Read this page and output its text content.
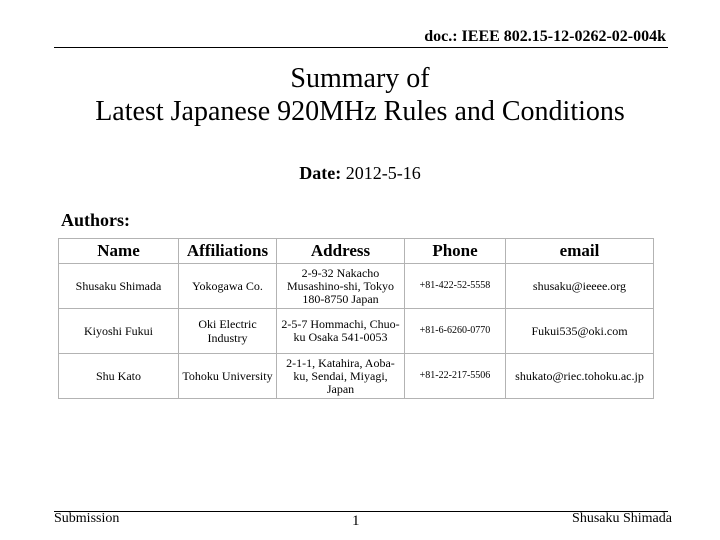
doc.: IEEE 802.15-12-0262-02-004k
Summary of
Latest Japanese 920MHz Rules and Conditions
Date: 2012-5-16
Authors:
Name	Affiliations	Address	Phone	email
Shusaku Shimada	Yokogawa Co.	2-9-32 Nakacho Musashino-shi, Tokyo 180-8750 Japan	+81-422-52-5558	shusaku@ieeee.org
Kiyoshi Fukui	Oki Electric Industry	2-5-7 Hommachi, Chuo-ku Osaka 541-0053	+81-6-6260-0770	Fukui535@oki.com
Shu Kato	Tohoku University	2-1-1, Katahira, Aoba-ku, Sendai, Miyagi, Japan	+81-22-217-5506	shukato@riec.tohoku.ac.jp
Submission	1	Shusaku Shimada
